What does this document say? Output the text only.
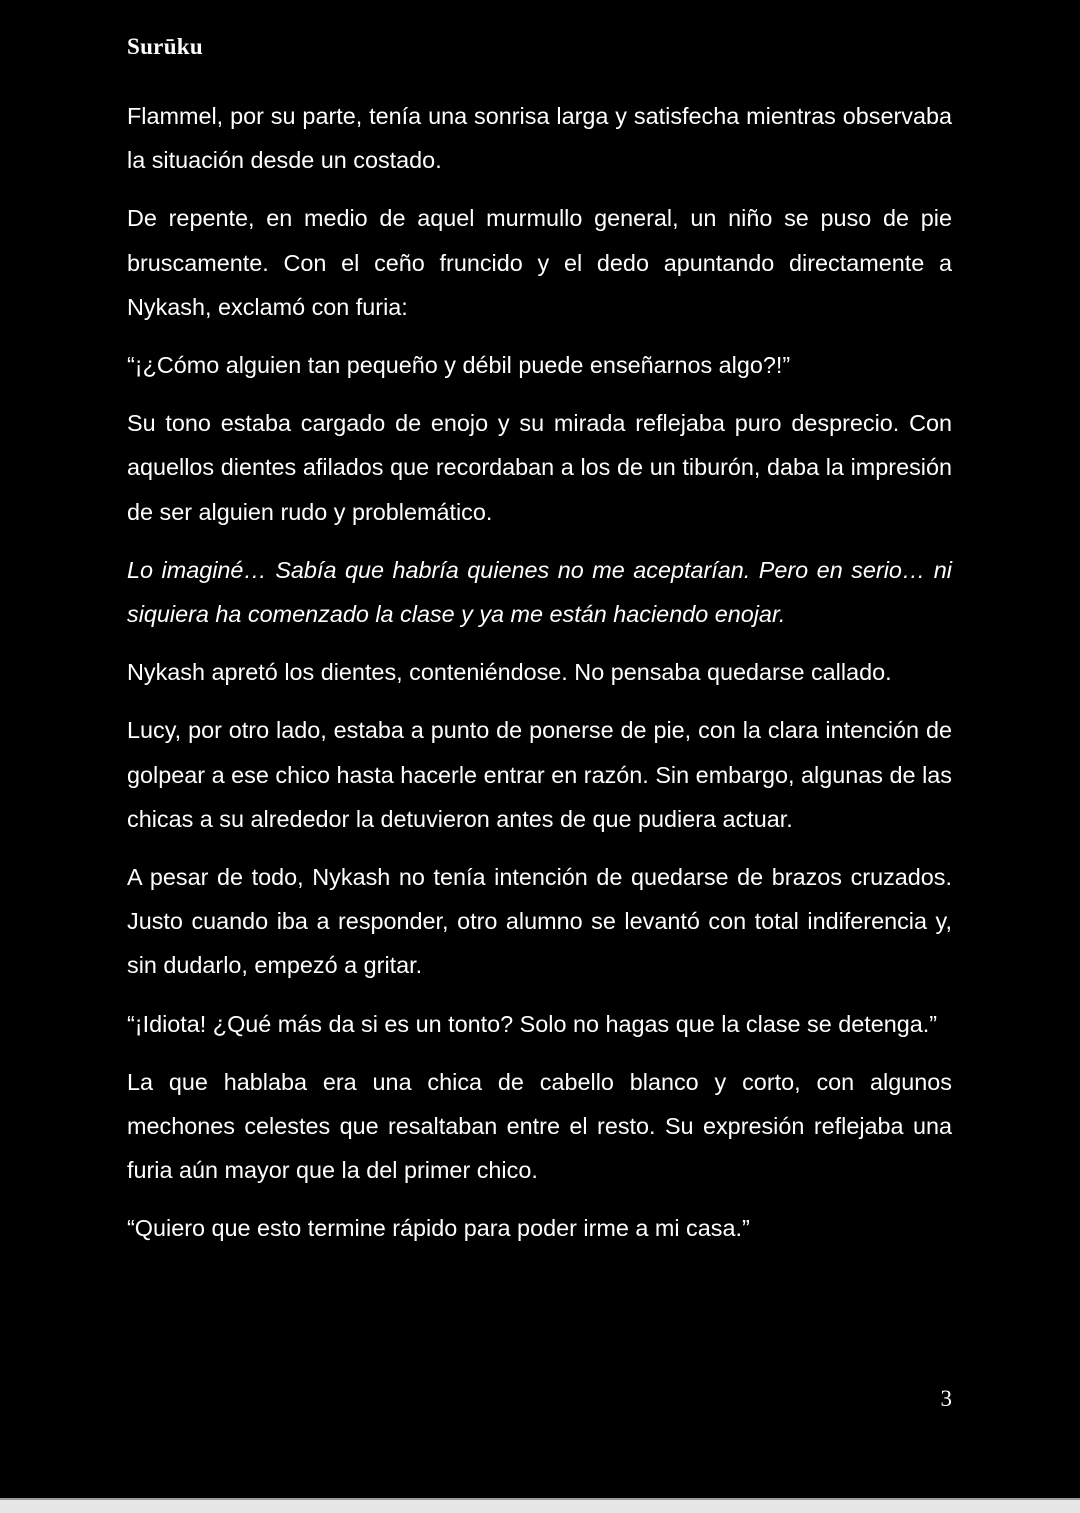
Surūku

Flammel, por su parte, tenía una sonrisa larga y satisfecha mientras observaba la situación desde un costado.

De repente, en medio de aquel murmullo general, un niño se puso de pie bruscamente. Con el ceño fruncido y el dedo apuntando directamente a Nykash, exclamó con furia:

“¡¿Cómo alguien tan pequeño y débil puede enseñarnos algo?!”

Su tono estaba cargado de enojo y su mirada reflejaba puro desprecio. Con aquellos dientes afilados que recordaban a los de un tiburón, daba la impresión de ser alguien rudo y problemático.

Lo imaginé… Sabía que habría quienes no me aceptarían. Pero en serio… ni siquiera ha comenzado la clase y ya me están haciendo enojar.

Nykash apretó los dientes, conteniéndose. No pensaba quedarse callado.

Lucy, por otro lado, estaba a punto de ponerse de pie, con la clara intención de golpear a ese chico hasta hacerle entrar en razón. Sin embargo, algunas de las chicas a su alrededor la detuvieron antes de que pudiera actuar.

A pesar de todo, Nykash no tenía intención de quedarse de brazos cruzados. Justo cuando iba a responder, otro alumno se levantó con total indiferencia y, sin dudarlo, empezó a gritar.

“¡Idiota! ¿Qué más da si es un tonto? Solo no hagas que la clase se detenga.”

La que hablaba era una chica de cabello blanco y corto, con algunos mechones celestes que resaltaban entre el resto. Su expresión reflejaba una furia aún mayor que la del primer chico.

“Quiero que esto termine rápido para poder irme a mi casa.”

3
